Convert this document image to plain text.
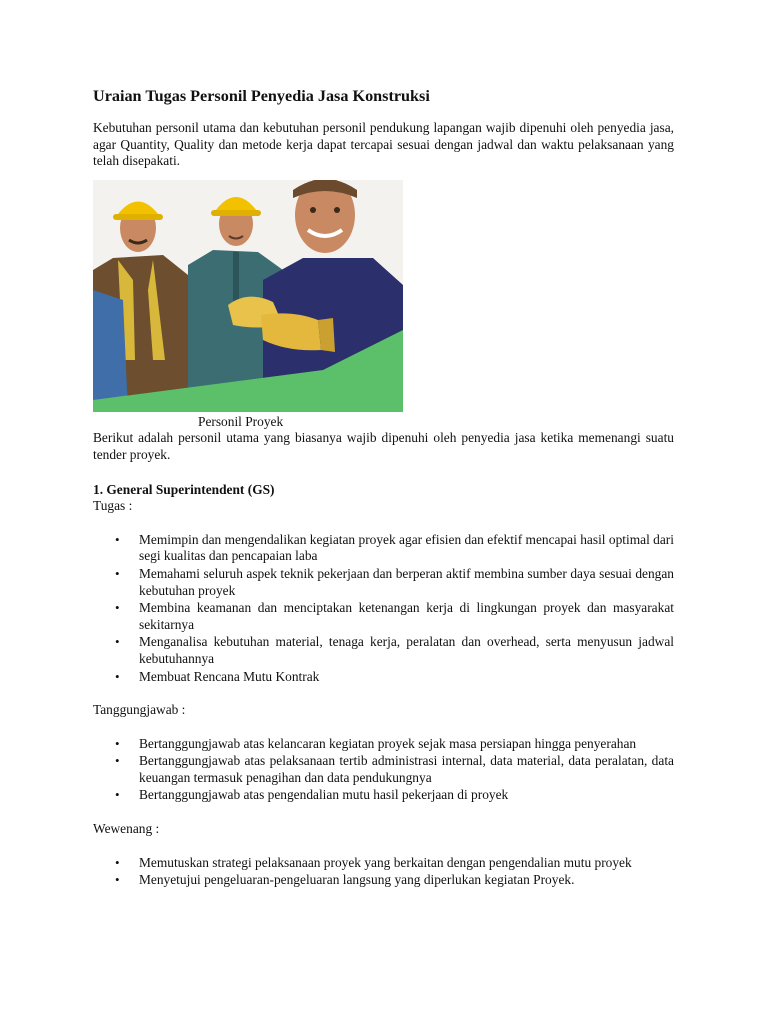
Uraian Tugas Personil Penyedia Jasa Konstruksi

Kebutuhan personil utama dan kebutuhan personil pendukung lapangan wajib dipenuhi oleh penyedia jasa, agar Quantity, Quality dan metode kerja dapat tercapai sesuai dengan jadwal dan waktu pelaksanaan yang telah disepakati.

Personil Proyek

Berikut adalah personil utama yang biasanya wajib dipenuhi oleh penyedia jasa ketika memenangi suatu tender proyek.

1. General Superintendent (GS)

Tugas :

• Memimpin dan mengendalikan kegiatan proyek agar efisien dan efektif mencapai hasil optimal dari segi kualitas dan pencapaian laba
• Memahami seluruh aspek teknik pekerjaan dan berperan aktif membina sumber daya sesuai dengan kebutuhan proyek
• Membina keamanan dan menciptakan ketenangan kerja di lingkungan proyek dan masyarakat sekitarnya
• Menganalisa kebutuhan material, tenaga kerja, peralatan dan overhead, serta menyusun jadwal kebutuhannya
• Membuat Rencana Mutu Kontrak

Tanggungjawab :

• Bertanggungjawab atas kelancaran kegiatan proyek sejak masa persiapan hingga penyerahan
• Bertanggungjawab atas pelaksanaan tertib administrasi internal, data material, data peralatan, data keuangan termasuk penagihan dan data pendukungnya
• Bertanggungjawab atas pengendalian mutu hasil pekerjaan di proyek

Wewenang :

• Memutuskan strategi pelaksanaan proyek yang berkaitan dengan pengendalian mutu proyek
• Menyetujui pengeluaran-pengeluaran langsung yang diperlukan kegiatan Proyek.
